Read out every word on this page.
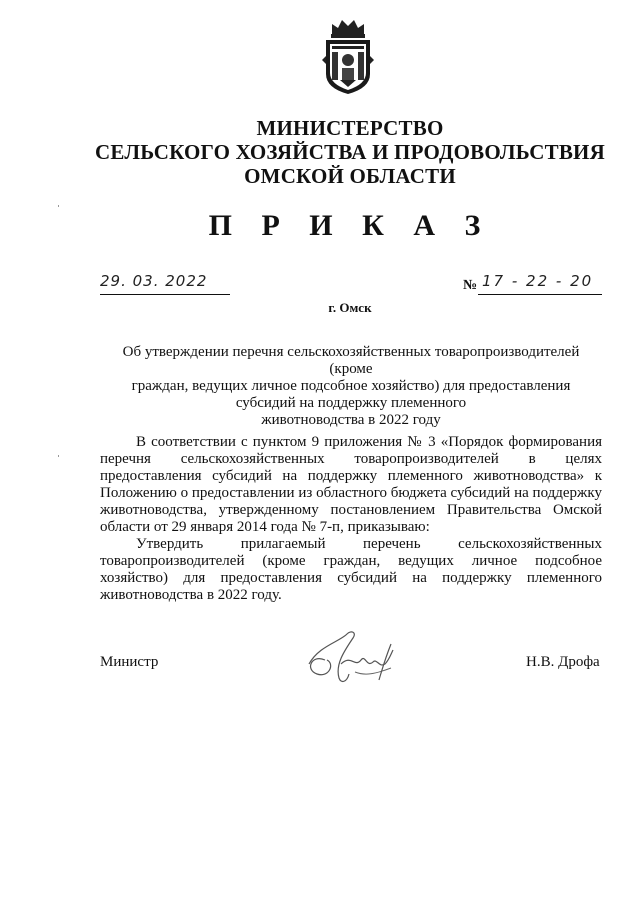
МИНИСТЕРСТВО
СЕЛЬСКОГО ХОЗЯЙСТВА И ПРОДОВОЛЬСТВИЯ
ОМСКОЙ ОБЛАСТИ
П Р И К А З
29. 03. 2022	№ 17 - 22 - 20
г. Омск
Об утверждении перечня сельскохозяйственных товаропроизводителей (кроме
граждан, ведущих личное подсобное хозяйство) для предоставления
субсидий на поддержку племенного
животноводства в 2022 году

В соответствии с пунктом 9 приложения № 3 «Порядок формирования перечня сельскохозяйственных товаропроизводителей в целях предоставления субсидий на поддержку племенного животноводства» к Положению о предоставлении из областного бюджета субсидий на поддержку животноводства, утвержденному постановлением Правительства Омской области от 29 января 2014 года № 7-п, приказываю:

Утвердить прилагаемый перечень сельскохозяйственных товаропроизводителей (кроме граждан, ведущих личное подсобное хозяйство) для предоставления субсидий на поддержку племенного животноводства в 2022 году.

Министр	Н.В. Дрофа
